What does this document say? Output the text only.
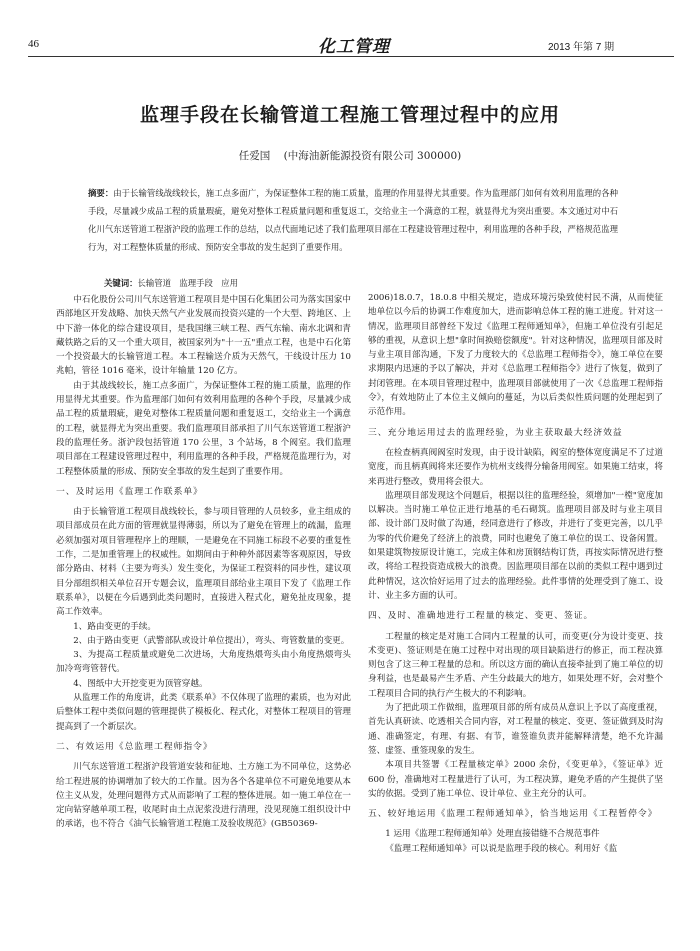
46	化工管理	2013 年第 7 期
监理手段在长输管道工程施工管理过程中的应用
任爱国 (中海油新能源投资有限公司 300000)
摘要：由于长输管线战线较长，施工点多面广，为保证整体工程的施工质量，监理的作用显得尤其重要。作为监理部门如何有效利用监理的各种手段，尽量减少成品工程的质量瑕疵，避免对整体工程质量问题和重复返工，交给业主一个满意的工程，就显得尤为突出重要。本文通过对中石化川气东送管道工程浙沪段的监理工作的总结，以点代面地记述了我们监理项目部在工程建设管理过程中，利用监理的各种手段，严格规范监理行为，对工程整体质量的形成、预防安全事故的发生起到了重要作用。
关键词：长输管道　监理手段　应用

中石化股份公司川气东送管道工程项目是中国石化集团公司为落实国家中西部地区开发战略、加快天然气产业发展而投资兴建的一个大型、跨地区、上中下游一体化的综合建设项目，是我国继三峡工程、西气东输、南水北调和青藏铁路之后的又一个重大项目，被国家列为"十一五"重点工程，也是中石化第一个投资最大的长输管道工程。本工程输送介质为天然气，干线设计压力 10 兆帕，管径 1016 毫米，设计年输量 120 亿方。

由于其战线较长，施工点多面广，为保证整体工程的施工质量，监理的作用显得尤其重要。作为监理部门如何有效利用监理的各种个手段，尽量减少成品工程的质量瑕疵，避免对整体工程质量问题和重复返工，交给业主一个满意的工程，就显得尤为突出重要。我们监理项目部承担了川气东送管道工程浙沪段的监理任务。浙沪段包括管道 170 公里，3 个站场，8 个阀室。我们监理项目部在工程建设管理过程中，利用监理的各种手段，严格规范监理行为，对工程整体质量的形成、预防安全事故的发生起到了重要作用。

一、及时运用《监理工作联系单》

由于长输管道工程项目战线较长，参与项目管理的人员较多，业主组成的项目部成员在此方面的管理就显得薄弱，所以为了避免在管理上的疏漏，监理必须加强对项目管理程序上的理顺，一是避免在不同施工标段不必要的重复性工作，二是加重管理上的权威性。如期间由于种种外部因素等客观原因，导致部分路由、材料（主要为弯头）发生变化，为保证工程资料的同步性，建议项目分部组织相关单位召开专题会议，监理项目部给业主项目下发了《监理工作联系单》，以便在今后遇到此类问题时，直接进入程式化，避免扯皮现象，提高工作效率。

1、路由变更的手续。

2、由于路由变更（武警部队或设计单位提出），弯头、弯管数量的变更。

3、为提高工程质量或避免二次进场，大角度热煨弯头由小角度热煨弯头加冷弯弯管替代。

4、图纸中大开挖变更为顶管穿越。

从监理工作的角度讲，此类《联系单》不仅体现了监理的素质，也为对此后整体工程中类似问题的管理提供了模板化、程式化，对整体工程项目的管理提高到了一个新层次。

二、有效运用《总监理工程师指令》

川气东送管道工程浙沪段管道安装和征地、土方施工为不同单位，这势必给工程进展的协调增加了较大的工作量。因为各个各建单位不可避免地要从本位主义从发，处理问题得方式从而影响了工程的整体进展。如一施工单位在一定向钻穿越单项工程，收尾时由土点泥浆没进行清理，没见现施工组织设计中的承诺，也不符合《油气长输管道工程施工及验收规范》(GB50369-

2006)18.0.7，18.0.8 中相关规定，造成环境污染致使村民不满，从而使征地单位以今后的协调工作难度加大，进而影响总体工程的施工进度。针对这一情况，监理项目部曾经下发过《监理工程师通知单》，但施工单位没有引起足够的重视，从意识上想"拿时间换赔偿额度"。针对这种情况，监理项目部及时与业主项目部沟通，下发了力度较大的《总监理工程师指令》，施工单位在要求期限内迅速的予以了解决，并对《总监理工程师指令》进行了恢复，做到了封闭管理。在本项目管理过程中，监理项目部就使用了一次《总监理工程师指令》，有效地防止了本位主义倾向的蔓延，为以后类似性质问题的处理起到了示范作用。

三、充分地运用过去的监理经验，为业主获取最大经济效益

在检查柄真阀阀室时发现，由于设计缺陷，阀室的整体宽度满足不了过道宽度，而且柄真阀将来还要作为杭州支线得分输备用阀室。如果施工结束，将来再进行整改，费用将会很大。

监理项目部发现这个问题后，根据以往的监理经验，须增加"一樘"宽度加以解决。当时施工单位正进行地基的毛石砌筑。监理项目部及时与业主项目部、设计部门及时做了沟通，经同意进行了修改，并进行了变更完善，以几乎为零的代价避免了经济上的浪费，同时也避免了施工单位的误工、设备闲置。如果建筑物按原设计施工，完成主体和房顶钢结构订货，再按实际情况进行整改，将给工程投资造成极大的浪费。因监理项目部在以前的类似工程中遇到过此种情况，这次恰好运用了过去的监理经验。此件事情的处理受到了施工、设计、业主多方面的认可。

四、及时、准确地进行工程量的核定、变更、签证。

工程量的核定是对施工合同内工程量的认可，而变更(分为设计变更、技术变更)、签证则是在施工过程中对出现的项目缺陷进行的修正，而工程决算则包含了这三种工程量的总和。所以这方面的确认直接牵扯到了施工单位的切身利益，也是最易产生矛盾、产生分歧最大的地方，如果处理不好，会对整个工程项目合同的执行产生极大的不利影响。

为了把此项工作做细，监理项目部的所有成员从意识上予以了高度重视，首先认真研读、吃透相关合同内容，对工程量的核定、变更、签证做到及时沟通、准确签定，有理、有据、有节，谁签谁负责并能解释清楚，绝不允许漏签、虚签、重签现象的发生。

本项目共签署《工程量核定单》2000 余份，《变更单》，《签证单》近 600 份，准确地对工程量进行了认可，为工程决算，避免矛盾的产生提供了坚实的依据。受到了施工单位、设计单位、业主充分的认可。

五、较好地运用《监理工程师通知单》，恰当地运用《工程暂停令》

1 运用《监理工程师通知单》处理直接错缝不合规范事件

《监理工程师通知单》可以说是监理手段的核心。利用好《监
